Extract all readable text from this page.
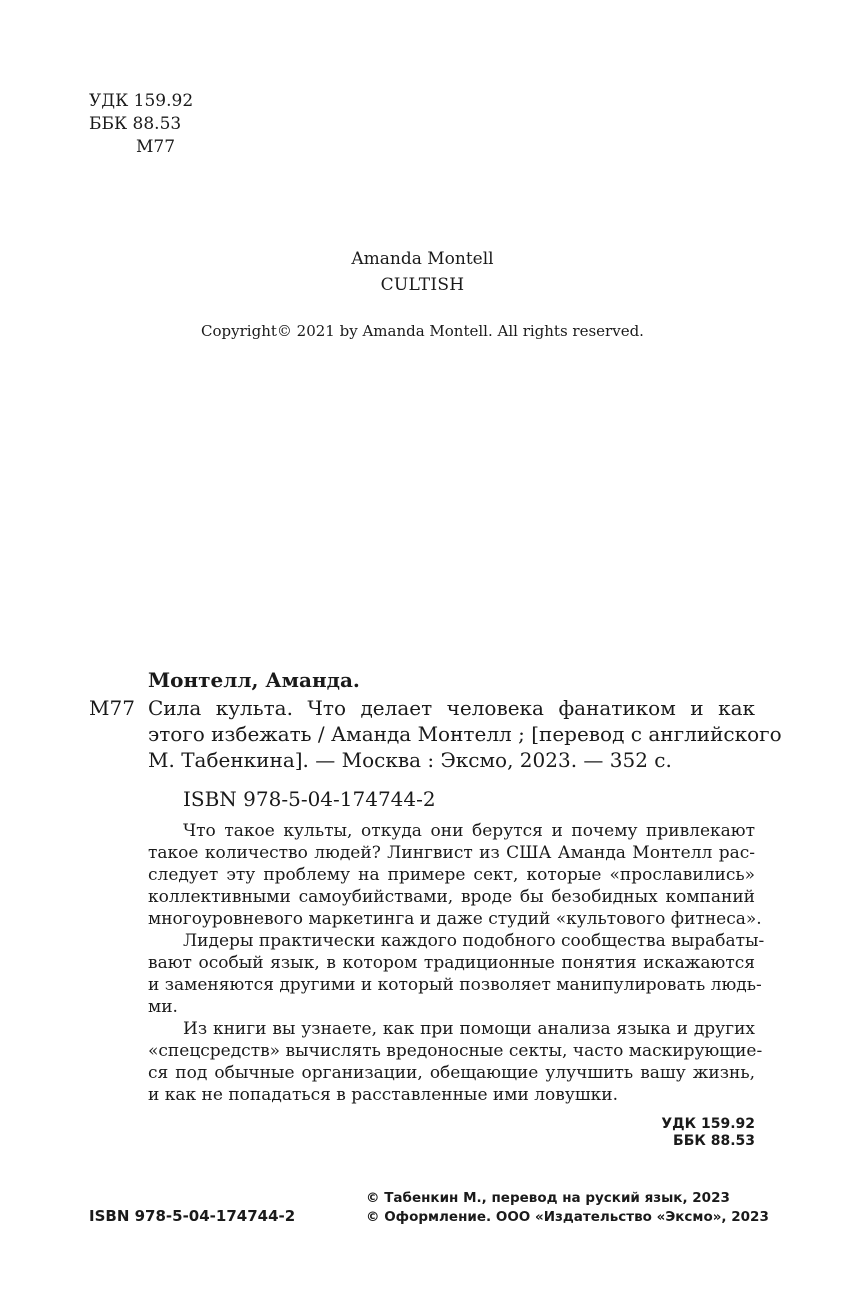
УДК 159.92
ББК 88.53
М77
Amanda Montell
CULTISH
Copyright© 2021 by Amanda Montell. All rights reserved.
Монтелл, Аманда.
М77 Сила культа. Что делает человека фанатиком и как
этого избежать / Аманда Монтелл ; [перевод с английского
М. Табенкина]. — Москва : Эксмо, 2023. — 352 с.
ISBN 978-5-04-174744-2
Что такое культы, откуда они берутся и почему привлекают
такое количество людей? Лингвист из США Аманда Монтелл рас-
следует эту проблему на примере сект, которые «прославились»
коллективными самоубийствами, вроде бы безобидных компаний
многоуровневого маркетинга и даже студий «культового фитнеса».
Лидеры практически каждого подобного сообщества вырабаты-
вают особый язык, в котором традиционные понятия искажаются
и заменяются другими и который позволяет манипулировать людь-
ми.
Из книги вы узнаете, как при помощи анализа языка и других
«спецсредств» вычислять вредоносные секты, часто маскирующие-
ся под обычные организации, обещающие улучшить вашу жизнь,
и как не попадаться в расставленные ими ловушки.
УДК 159.92
ББК 88.53
ISBN 978-5-04-174744-2
© Табенкин М., перевод на руский язык, 2023
© Оформление. ООО «Издательство «Эксмо», 2023
